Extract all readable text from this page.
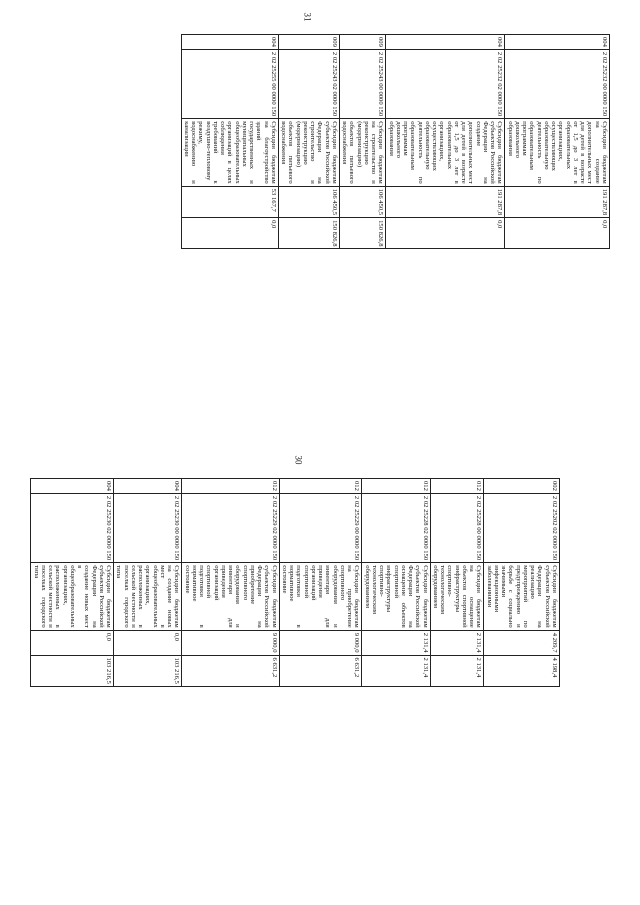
31
004	2 02 25232 00 0000 150	Субсидии бюджетам на создание дополнительных мест для детей в возрасте от 1,5 до 3 лет в образовательных организациях, осуществляющих образовательную деятельность по образовательным программам дошкольного образования	191 287,8	0,0
004	2 02 25232 02 0000 150	Субсидии бюджетам субъектов Российской Федерации на создание дополнительных мест для детей в возрасте от 1,5 до 3 лет в образовательных организациях, осуществляющих образовательную деятельность по образовательным программам дошкольного образования	191 287,8	0,0
009	2 02 25243 00 0000 150	Субсидии бюджетам на строительство и реконструкцию (модернизацию) объектов питьевого водоснабжения	106 450,5	150 826,8
009	2 02 25243 02 0000 150	Субсидии бюджетам субъектов Российской Федерации на строительство и реконструкцию (модернизацию) объектов питьевого водоснабжения	106 450,5	150 826,8
004	2 02 25255 00 0000 150	Субсидии бюджетам на благоустройство зданий государственных и муниципальных общеобразовательных организаций в целях соблюдения требований к воздушно-тепловому режиму, водоснабжению и канализации	53 167,7	0,0
30
002	2 02 25202 02 0000 150	Субсидии бюджетам субъектов Российской Федерации на реализацию мероприятий по предупреждению и борьбе с социально значимыми инфекционными заболеваниями	4 209,7	4 198,4
012	2 02 25228 00 0000 150	Субсидии бюджетам на оснащение объектов спортивной инфраструктуры спортивно-технологическим оборудованием	2 131,4	2 131,4
012	2 02 25228 02 0000 150	Субсидии бюджетам субъектов Российской Федерации на оснащение объектов спортивной инфраструктуры спортивно-технологическим оборудованием	2 131,4	2 131,4
012	2 02 25229 00 0000 150	Субсидии бюджетам на приобретение спортивного оборудования и инвентаря для приведения организаций спортивной подготовки в нормативное состояние	9 000,0	6 631,2
012	2 02 25229 02 0000 150	Субсидии бюджетам субъектов Российской Федерации на приобретение спортивного оборудования и инвентаря для приведения организаций спортивной подготовки в нормативное состояние	9 000,0	6 631,2
004	2 02 25230 00 0000 150	Субсидии бюджетам на создание новых мест в общеобразовательных организациях, расположенных в сельской местности и поселках городского типа	0,0	103 216,5
004	2 02 25230 02 0000 150	Субсидии бюджетам субъектов Российской Федерации на создание новых мест в общеобразовательных организациях, расположенных в сельской местности и поселках городского типа	0,0	103 216,5
